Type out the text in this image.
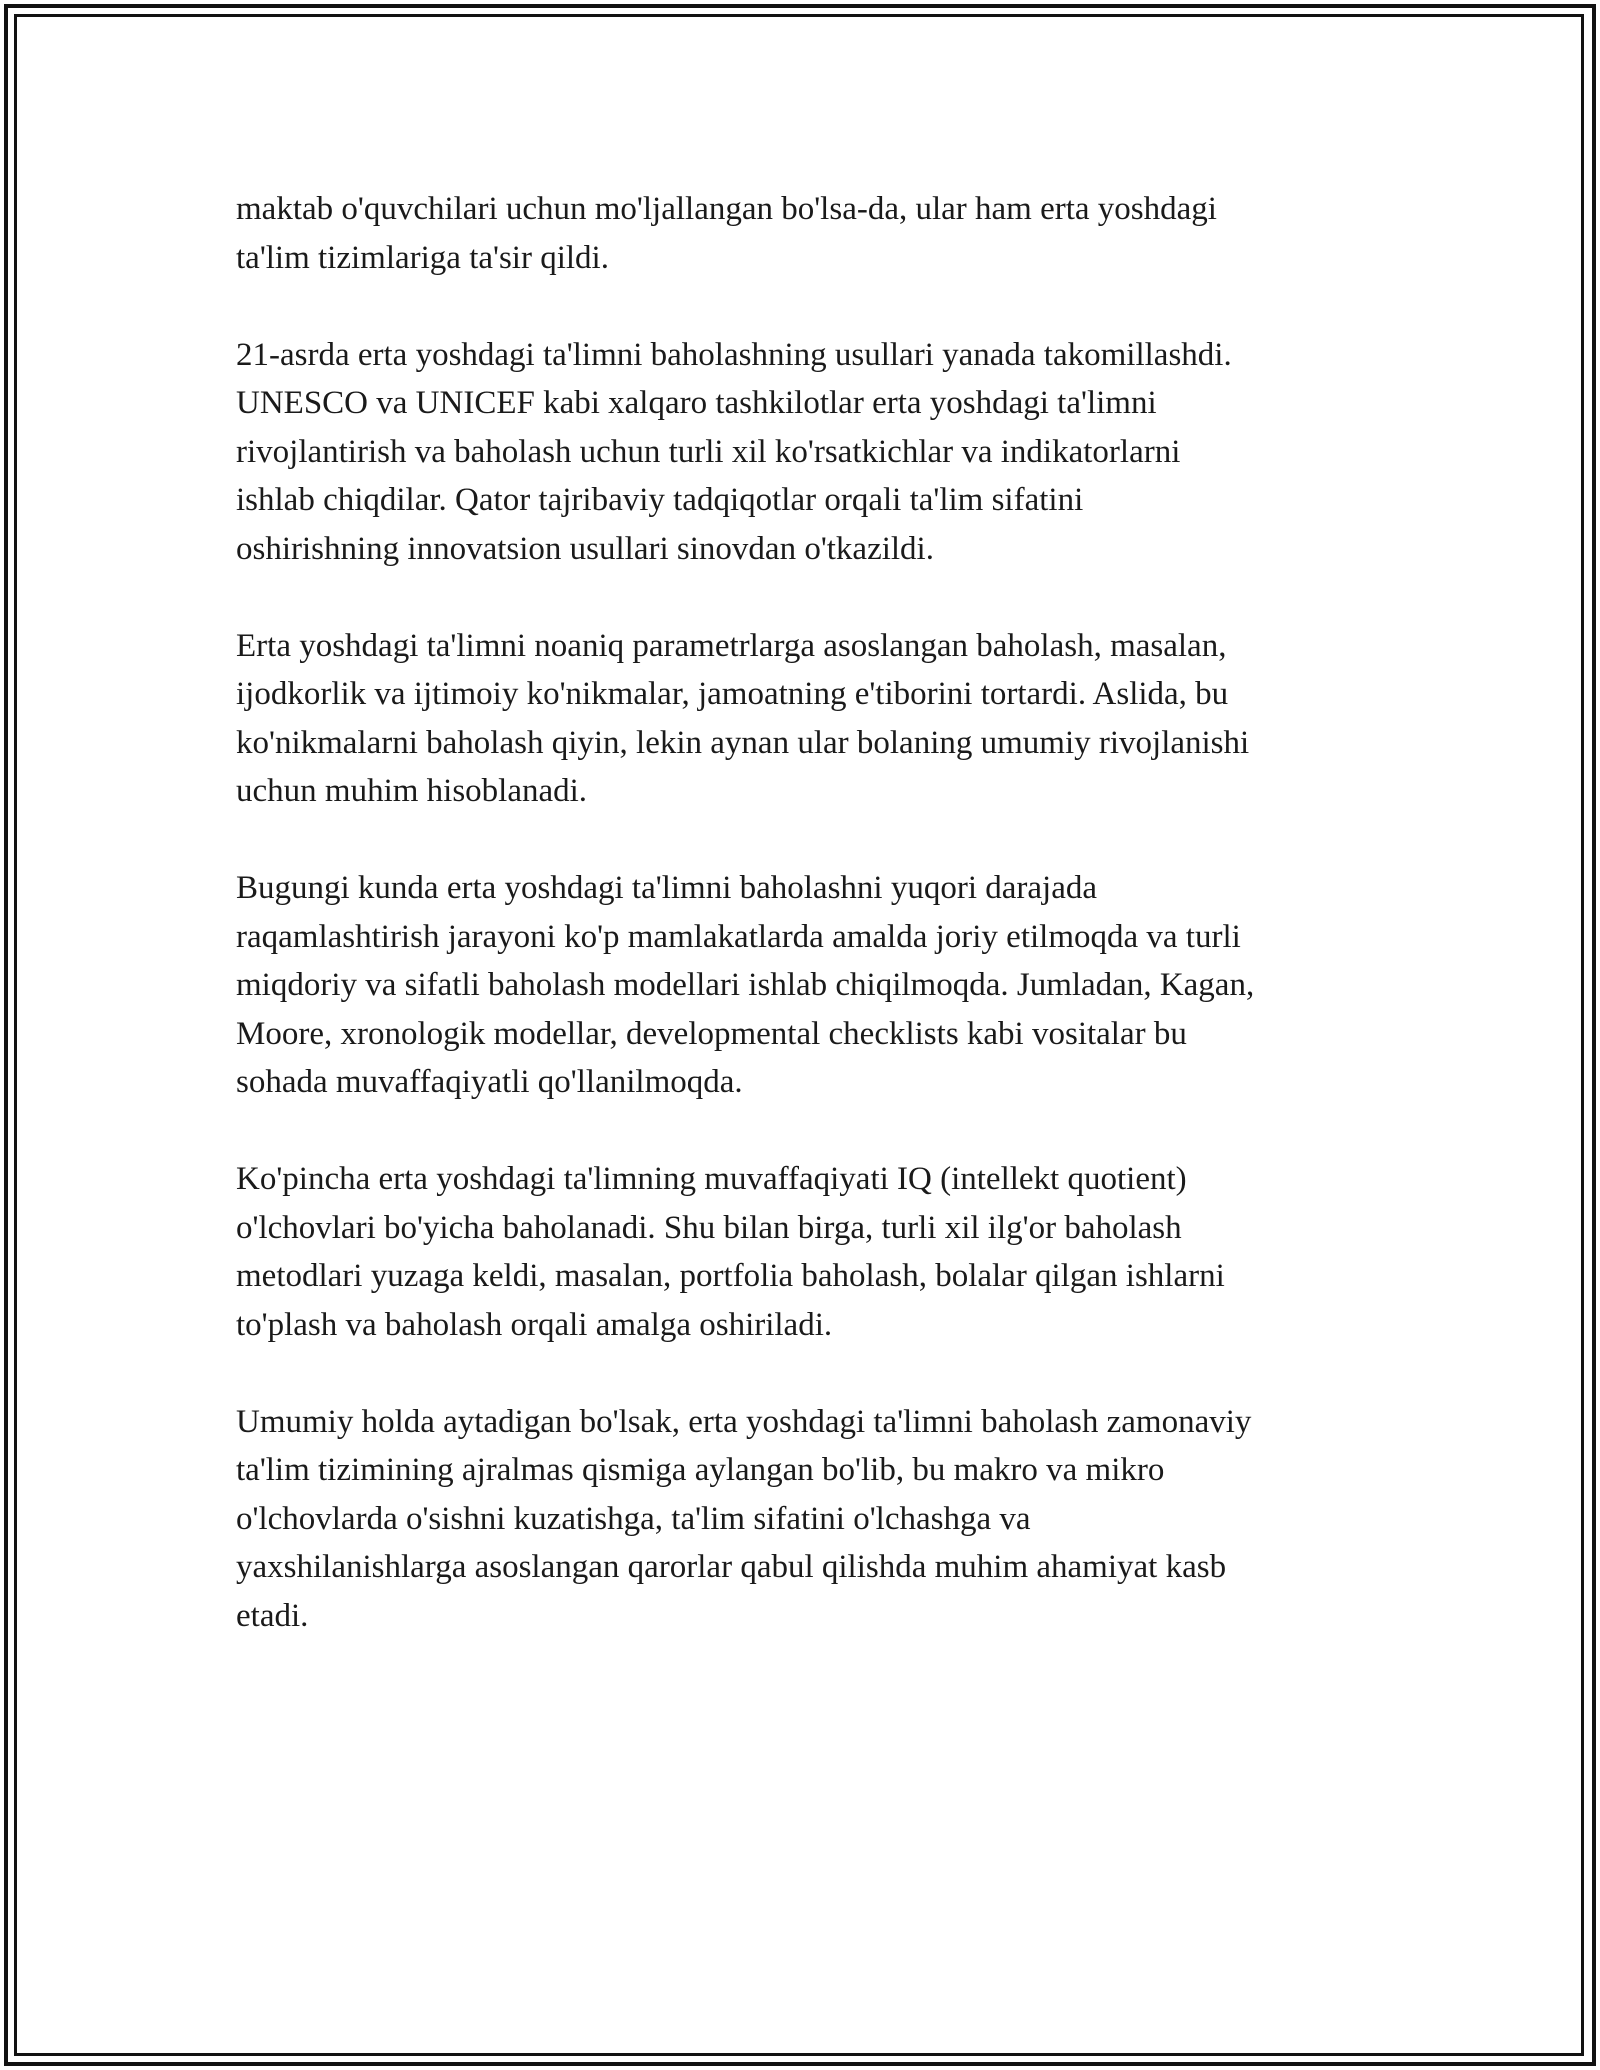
maktab o'quvchilari uchun mo'ljallangan bo'lsa-da, ular ham erta yoshdagi
ta'lim tizimlariga ta'sir qildi.

21-asrda erta yoshdagi ta'limni baholashning usullari yanada takomillashdi.
UNESCO va UNICEF kabi xalqaro tashkilotlar erta yoshdagi ta'limni
rivojlantirish va baholash uchun turli xil ko'rsatkichlar va indikatorlarni
ishlab chiqdilar. Qator tajribaviy tadqiqotlar orqali ta'lim sifatini
oshirishning innovatsion usullari sinovdan o'tkazildi.

Erta yoshdagi ta'limni noaniq parametrlarga asoslangan baholash, masalan,
ijodkorlik va ijtimoiy ko'nikmalar, jamoatning e'tiborini tortardi. Aslida, bu
ko'nikmalarni baholash qiyin, lekin aynan ular bolaning umumiy rivojlanishi
uchun muhim hisoblanadi.

Bugungi kunda erta yoshdagi ta'limni baholashni yuqori darajada
raqamlashtirish jarayoni ko'p mamlakatlarda amalda joriy etilmoqda va turli
miqdoriy va sifatli baholash modellari ishlab chiqilmoqda. Jumladan, Kagan,
Moore, xronologik modellar, developmental checklists kabi vositalar bu
sohada muvaffaqiyatli qo'llanilmoqda.

Ko'pincha erta yoshdagi ta'limning muvaffaqiyati IQ (intellekt quotient)
o'lchovlari bo'yicha baholanadi. Shu bilan birga, turli xil ilg'or baholash
metodlari yuzaga keldi, masalan, portfolia baholash, bolalar qilgan ishlarni
to'plash va baholash orqali amalga oshiriladi.

Umumiy holda aytadigan bo'lsak, erta yoshdagi ta'limni baholash zamonaviy
ta'lim tizimining ajralmas qismiga aylangan bo'lib, bu makro va mikro
o'lchovlarda o'sishni kuzatishga, ta'lim sifatini o'lchashga va
yaxshilanishlarga asoslangan qarorlar qabul qilishda muhim ahamiyat kasb
etadi.
